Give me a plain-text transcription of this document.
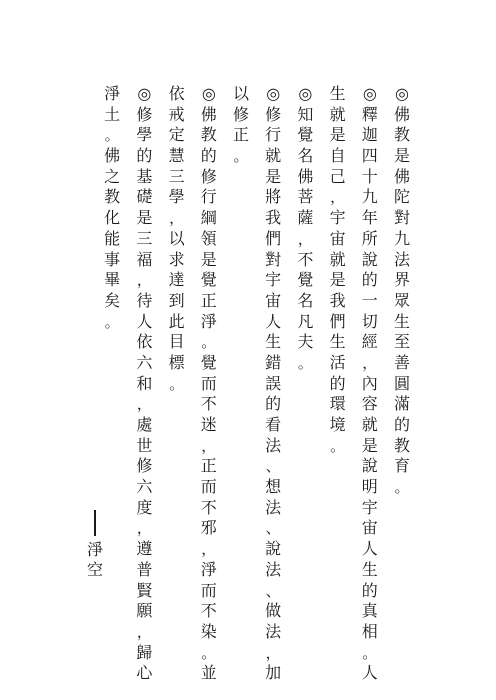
◎
佛
教
是
佛
陀
對
九
法
界
眾
生
至
善
圓
滿
的
教
育
。
◎
釋
迦
四
十
九
年
所
說
的
一
切
經
，
內
容
就
是
說
明
宇
宙
人
生
的
真
相
。
人
生
就
是
自
己
，
宇
宙
就
是
我
們
生
活
的
環
境
。
◎
知
覺
名
佛
菩
薩
，
不
覺
名
凡
夫
。
◎
修
行
就
是
將
我
們
對
宇
宙
人
生
錯
誤
的
看
法
、
想
法
、
說
法
、
做
法
，
加
以
修
正
。
◎
佛
教
的
修
行
綱
領
是
覺
正
淨
。
覺
而
不
迷
，
正
而
不
邪
，
淨
而
不
染
。
並
依
戒
定
慧
三
學
，
以
求
達
到
此
目
標
。
◎
修
學
的
基
礎
是
三
福
，
待
人
依
六
和
，
處
世
修
六
度
，
遵
普
賢
願
，
歸
心
淨
土
。
佛
之
教
化
能
事
畢
矣
。
淨
空
